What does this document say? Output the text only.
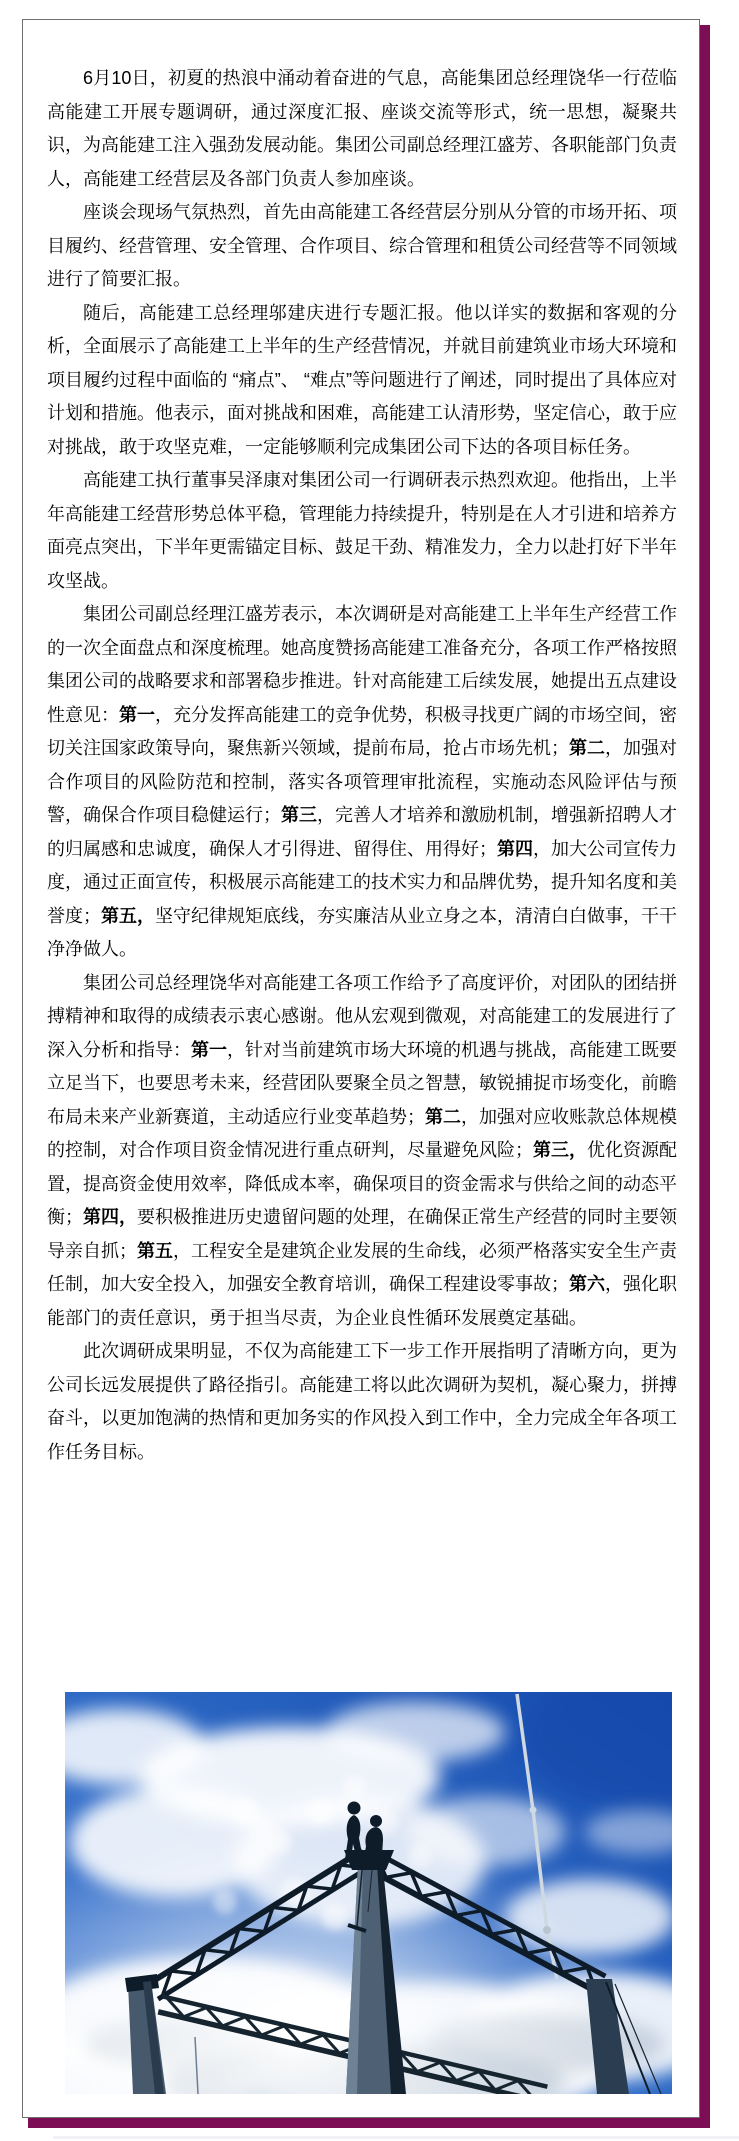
6月10日，初夏的热浪中涌动着奋进的气息，高能集团总经理饶华一行莅临高能建工开展专题调研，通过深度汇报、座谈交流等形式，统一思想，凝聚共识，为高能建工注入强劲发展动能。集团公司副总经理江盛芳、各职能部门负责人，高能建工经营层及各部门负责人参加座谈。

座谈会现场气氛热烈，首先由高能建工各经营层分别从分管的市场开拓、项目履约、经营管理、安全管理、合作项目、综合管理和租赁公司经营等不同领域进行了简要汇报。

随后，高能建工总经理邬建庆进行专题汇报。他以详实的数据和客观的分析，全面展示了高能建工上半年的生产经营情况，并就目前建筑业市场大环境和项目履约过程中面临的 “痛点”、 “难点”等问题进行了阐述，同时提出了具体应对计划和措施。他表示，面对挑战和困难，高能建工认清形势，坚定信心，敢于应对挑战，敢于攻坚克难，一定能够顺利完成集团公司下达的各项目标任务。

高能建工执行董事吴泽康对集团公司一行调研表示热烈欢迎。他指出，上半年高能建工经营形势总体平稳，管理能力持续提升，特别是在人才引进和培养方面亮点突出，下半年更需锚定目标、鼓足干劲、精准发力，全力以赴打好下半年攻坚战。

集团公司副总经理江盛芳表示，本次调研是对高能建工上半年生产经营工作的一次全面盘点和深度梳理。她高度赞扬高能建工准备充分，各项工作严格按照集团公司的战略要求和部署稳步推进。针对高能建工后续发展，她提出五点建设性意见：第一，充分发挥高能建工的竞争优势，积极寻找更广阔的市场空间，密切关注国家政策导向，聚焦新兴领域，提前布局，抢占市场先机；第二，加强对合作项目的风险防范和控制，落实各项管理审批流程，实施动态风险评估与预警，确保合作项目稳健运行；第三，完善人才培养和激励机制，增强新招聘人才的归属感和忠诚度，确保人才引得进、留得住、用得好；第四，加大公司宣传力度，通过正面宣传，积极展示高能建工的技术实力和品牌优势，提升知名度和美誉度；第五，坚守纪律规矩底线，夯实廉洁从业立身之本，清清白白做事，干干净净做人。

集团公司总经理饶华对高能建工各项工作给予了高度评价，对团队的团结拼搏精神和取得的成绩表示衷心感谢。他从宏观到微观，对高能建工的发展进行了深入分析和指导：第一，针对当前建筑市场大环境的机遇与挑战，高能建工既要立足当下，也要思考未来，经营团队要聚全员之智慧，敏锐捕捉市场变化，前瞻布局未来产业新赛道，主动适应行业变革趋势；第二，加强对应收账款总体规模的控制，对合作项目资金情况进行重点研判，尽量避免风险；第三，优化资源配置，提高资金使用效率，降低成本率，确保项目的资金需求与供给之间的动态平衡；第四，要积极推进历史遗留问题的处理，在确保正常生产经营的同时主要领导亲自抓；第五，工程安全是建筑企业发展的生命线，必须严格落实安全生产责任制，加大安全投入，加强安全教育培训，确保工程建设零事故；第六，强化职能部门的责任意识，勇于担当尽责，为企业良性循环发展奠定基础。

此次调研成果明显，不仅为高能建工下一步工作开展指明了清晰方向，更为公司长远发展提供了路径指引。高能建工将以此次调研为契机，凝心聚力，拼搏奋斗，以更加饱满的热情和更加务实的作风投入到工作中，全力完成全年各项工作任务目标。
